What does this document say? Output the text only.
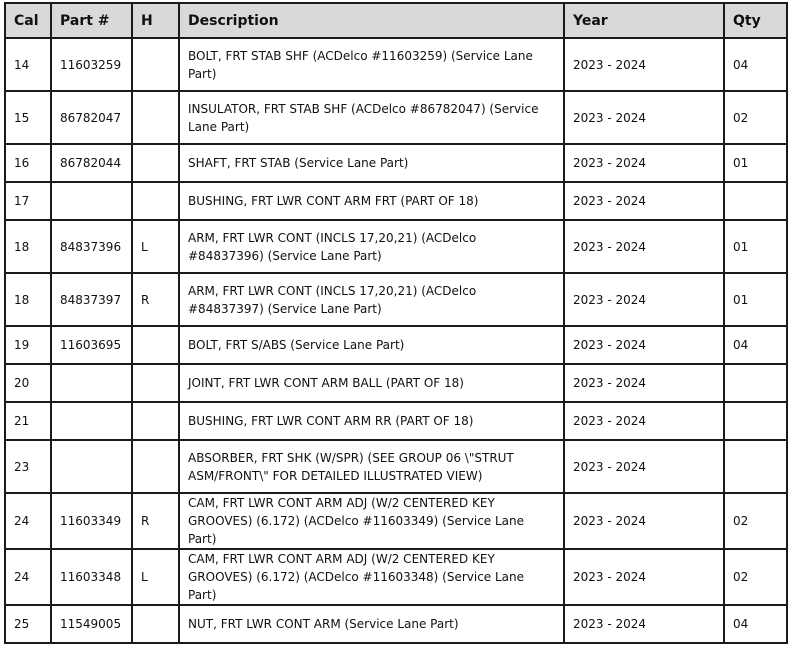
Cal	Part #	H	Description	Year	Qty
14	11603259		BOLT, FRT STAB SHF (ACDelco #11603259) (Service Lane Part)	2023 - 2024	04
15	86782047		INSULATOR, FRT STAB SHF (ACDelco #86782047) (Service Lane Part)	2023 - 2024	02
16	86782044		SHAFT, FRT STAB (Service Lane Part)	2023 - 2024	01
17			BUSHING, FRT LWR CONT ARM FRT (PART OF 18)	2023 - 2024	
18	84837396	L	ARM, FRT LWR CONT (INCLS 17,20,21) (ACDelco #84837396) (Service Lane Part)	2023 - 2024	01
18	84837397	R	ARM, FRT LWR CONT (INCLS 17,20,21) (ACDelco #84837397) (Service Lane Part)	2023 - 2024	01
19	11603695		BOLT, FRT S/ABS (Service Lane Part)	2023 - 2024	04
20			JOINT, FRT LWR CONT ARM BALL (PART OF 18)	2023 - 2024	
21			BUSHING, FRT LWR CONT ARM RR (PART OF 18)	2023 - 2024	
23			ABSORBER, FRT SHK (W/SPR) (SEE GROUP 06 \"STRUT ASM/FRONT\" FOR DETAILED ILLUSTRATED VIEW)	2023 - 2024	
24	11603349	R	CAM, FRT LWR CONT ARM ADJ (W/2 CENTERED KEY GROOVES) (6.172) (ACDelco #11603349) (Service Lane Part)	2023 - 2024	02
24	11603348	L	CAM, FRT LWR CONT ARM ADJ (W/2 CENTERED KEY GROOVES) (6.172) (ACDelco #11603348) (Service Lane Part)	2023 - 2024	02
25	11549005		NUT, FRT LWR CONT ARM (Service Lane Part)	2023 - 2024	04
